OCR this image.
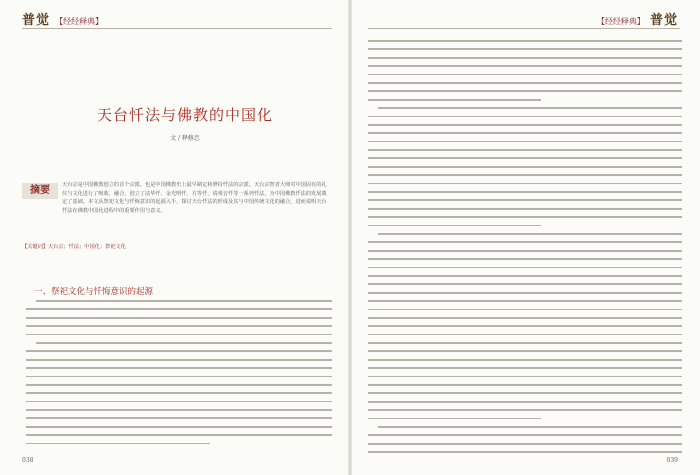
普觉 【经经释典】
天台忏法与佛教的中国化
文 / 释修忠
摘要	天台宗是中国佛教创立的首个宗派。也是中国佛教史上最早制定和修持忏法的宗派。天台宗智者大师对中国固有的礼仪与文化进行了吸收、融合，创立了法华忏、金光明忏、方等忏、请观音忏等一系列忏法，为中国佛教忏法的发展奠定了基础。本文从祭祀文化与忏悔意识的起源入手，探讨天台忏法的形成及其与中国传统文化的融合，进而说明天台忏法在佛教中国化进程中的重要作用与意义。
【关键词】天台宗；忏法；中国化；祭祀文化
一、祭祀文化与忏悔意识的起源
038
【经经释典】 普觉
039
